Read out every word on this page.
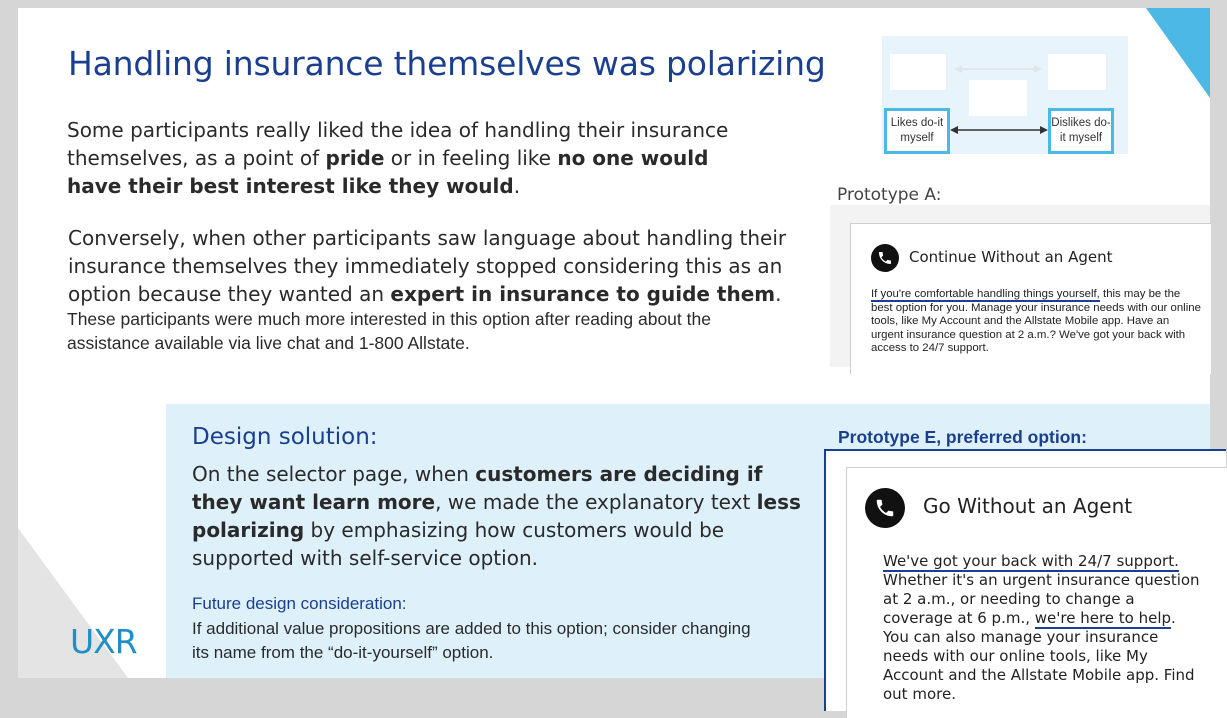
Handling insurance themselves was polarizing

Some participants really liked the idea of handling their insurance themselves, as a point of pride or in feeling like no one would have their best interest like they would.

Conversely, when other participants saw language about handling their insurance themselves they immediately stopped considering this as an option because they wanted an expert in insurance to guide them.

These participants were much more interested in this option after reading about the assistance available via live chat and 1-800 Allstate.

Likes do-it myself
Dislikes do-it myself
Prototype A:
Continue Without an Agent
If you're comfortable handling things yourself, this may be the best option for you. Manage your insurance needs with our online tools, like My Account and the Allstate Mobile app. Have an urgent insurance question at 2 a.m.? We've got your back with access to 24/7 support.
Design solution:

On the selector page, when customers are deciding if they want learn more, we made the explanatory text less polarizing by emphasizing how customers would be supported with self-service option.

Future design consideration:

If additional value propositions are added to this option; consider changing its name from the “do-it-yourself” option.

Prototype E, preferred option:
Go Without an Agent
We've got your back with 24/7 support. Whether it's an urgent insurance question at 2 a.m., or needing to change a coverage at 6 p.m., we're here to help. You can also manage your insurance needs with our online tools, like My Account and the Allstate Mobile app. Find out more.
UXR
